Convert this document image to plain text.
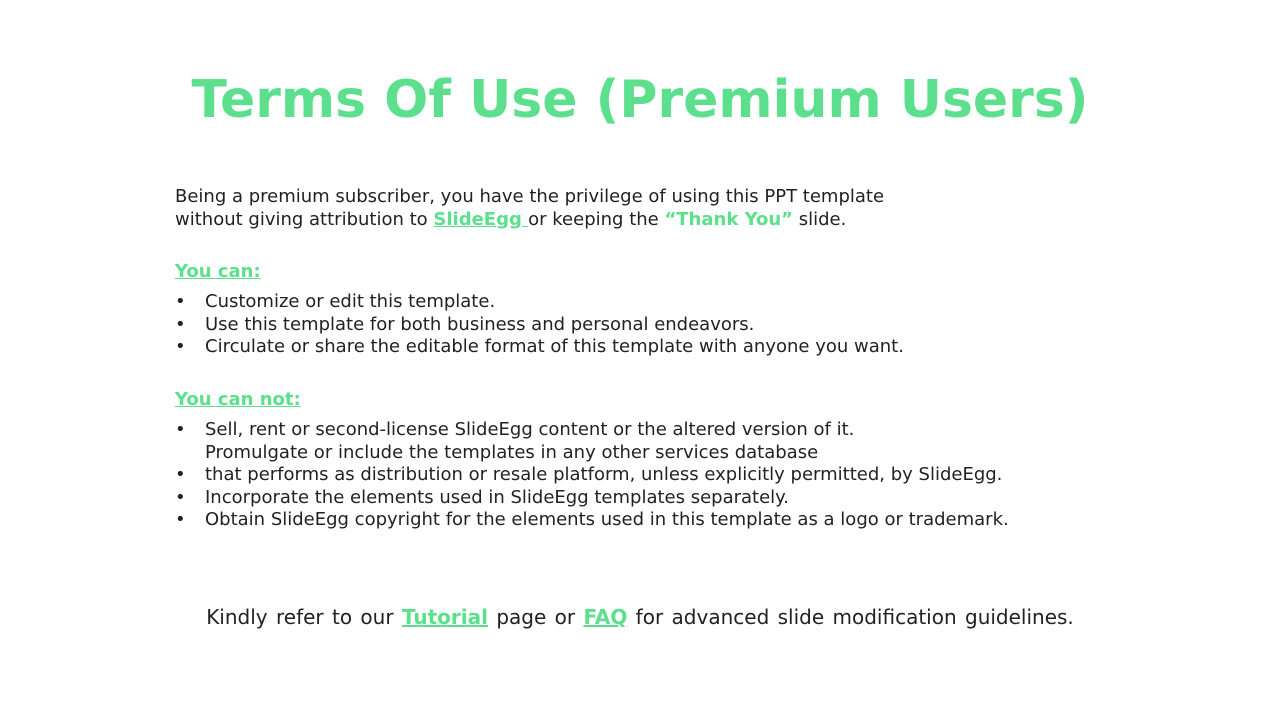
Terms Of Use (Premium Users)

Being a premium subscriber, you have the privilege of using this PPT template
without giving attribution to SlideEgg or keeping the “Thank You” slide.

You can:
• Customize or edit this template.
• Use this template for both business and personal endeavors.
• Circulate or share the editable format of this template with anyone you want.
You can not:
• Sell, rent or second-license SlideEgg content or the altered version of it.
Promulgate or include the templates in any other services database
• that performs as distribution or resale platform, unless explicitly permitted, by SlideEgg.
• Incorporate the elements used in SlideEgg templates separately.
• Obtain SlideEgg copyright for the elements used in this template as a logo or trademark.

Kindly refer to our Tutorial page or FAQ for advanced slide modification guidelines.
